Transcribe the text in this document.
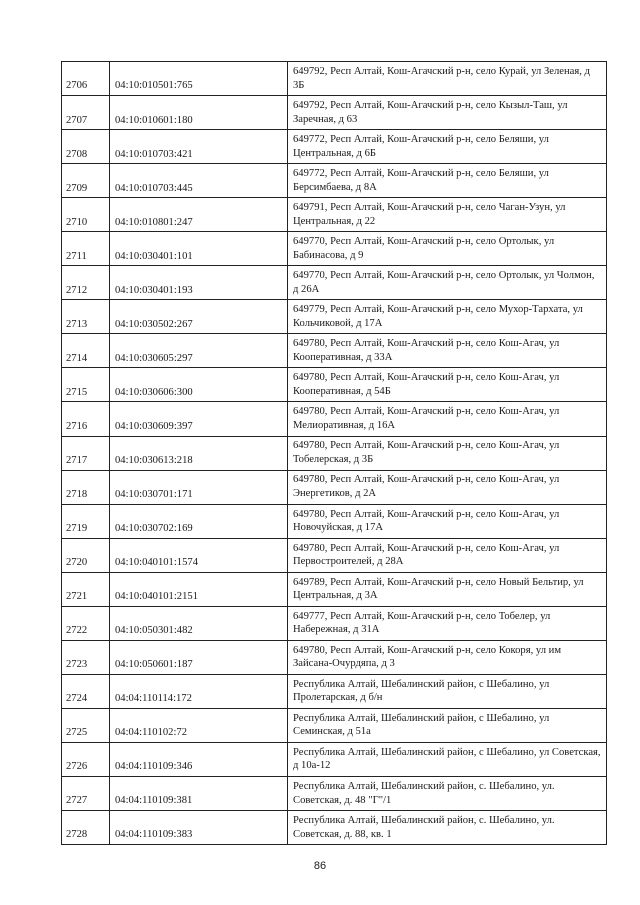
2706	04:10:010501:765	649792, Респ Алтай, Кош-Агачский р-н, село Курай, ул Зеленая, д 3Б
2707	04:10:010601:180	649792, Респ Алтай, Кош-Агачский р-н, село Кызыл-Таш, ул Заречная, д 63
2708	04:10:010703:421	649772, Респ Алтай, Кош-Агачский р-н, село Беляши, ул Центральная, д 6Б
2709	04:10:010703:445	649772, Респ Алтай, Кош-Агачский р-н, село Беляши, ул Берсимбаева, д 8А
2710	04:10:010801:247	649791, Респ Алтай, Кош-Агачский р-н, село Чаган-Узун, ул Центральная, д 22
2711	04:10:030401:101	649770, Респ Алтай, Кош-Агачский р-н, село Ортолык, ул Бабинасова, д 9
2712	04:10:030401:193	649770, Респ Алтай, Кош-Агачский р-н, село Ортолык, ул Чолмон, д 26А
2713	04:10:030502:267	649779, Респ Алтай, Кош-Агачский р-н, село Мухор-Тархата, ул Кольчиковой, д 17А
2714	04:10:030605:297	649780, Респ Алтай, Кош-Агачский р-н, село Кош-Агач, ул Кооперативная, д 33А
2715	04:10:030606:300	649780, Респ Алтай, Кош-Агачский р-н, село Кош-Агач, ул Кооперативная, д 54Б
2716	04:10:030609:397	649780, Респ Алтай, Кош-Агачский р-н, село Кош-Агач, ул Мелиоративная, д 16А
2717	04:10:030613:218	649780, Респ Алтай, Кош-Агачский р-н, село Кош-Агач, ул Тобелерская, д 3Б
2718	04:10:030701:171	649780, Респ Алтай, Кош-Агачский р-н, село Кош-Агач, ул Энергетиков, д 2А
2719	04:10:030702:169	649780, Респ Алтай, Кош-Агачский р-н, село Кош-Агач, ул Новочуйская, д 17А
2720	04:10:040101:1574	649780, Респ Алтай, Кош-Агачский р-н, село Кош-Агач, ул Первостроителей, д 28А
2721	04:10:040101:2151	649789, Респ Алтай, Кош-Агачский р-н, село Новый Бельтир, ул Центральная, д 3А
2722	04:10:050301:482	649777, Респ Алтай, Кош-Агачский р-н, село Тобелер, ул Набережная, д 31А
2723	04:10:050601:187	649780, Респ Алтай, Кош-Агачский р-н, село Кокоря, ул им Зайсана-Очурдяпа, д 3
2724	04:04:110114:172	Республика Алтай, Шебалинский район, с Шебалино, ул Пролетарская, д б/н
2725	04:04:110102:72	Республика Алтай, Шебалинский район, с Шебалино, ул Семинская, д 51а
2726	04:04:110109:346	Республика Алтай, Шебалинский район, с Шебалино, ул Советская, д 10а-12
2727	04:04:110109:381	Республика Алтай, Шебалинский район, с. Шебалино, ул. Советская, д. 48 "Г"/1
2728	04:04:110109:383	Республика Алтай, Шебалинский район, с. Шебалино, ул. Советская, д. 88, кв. 1
86
